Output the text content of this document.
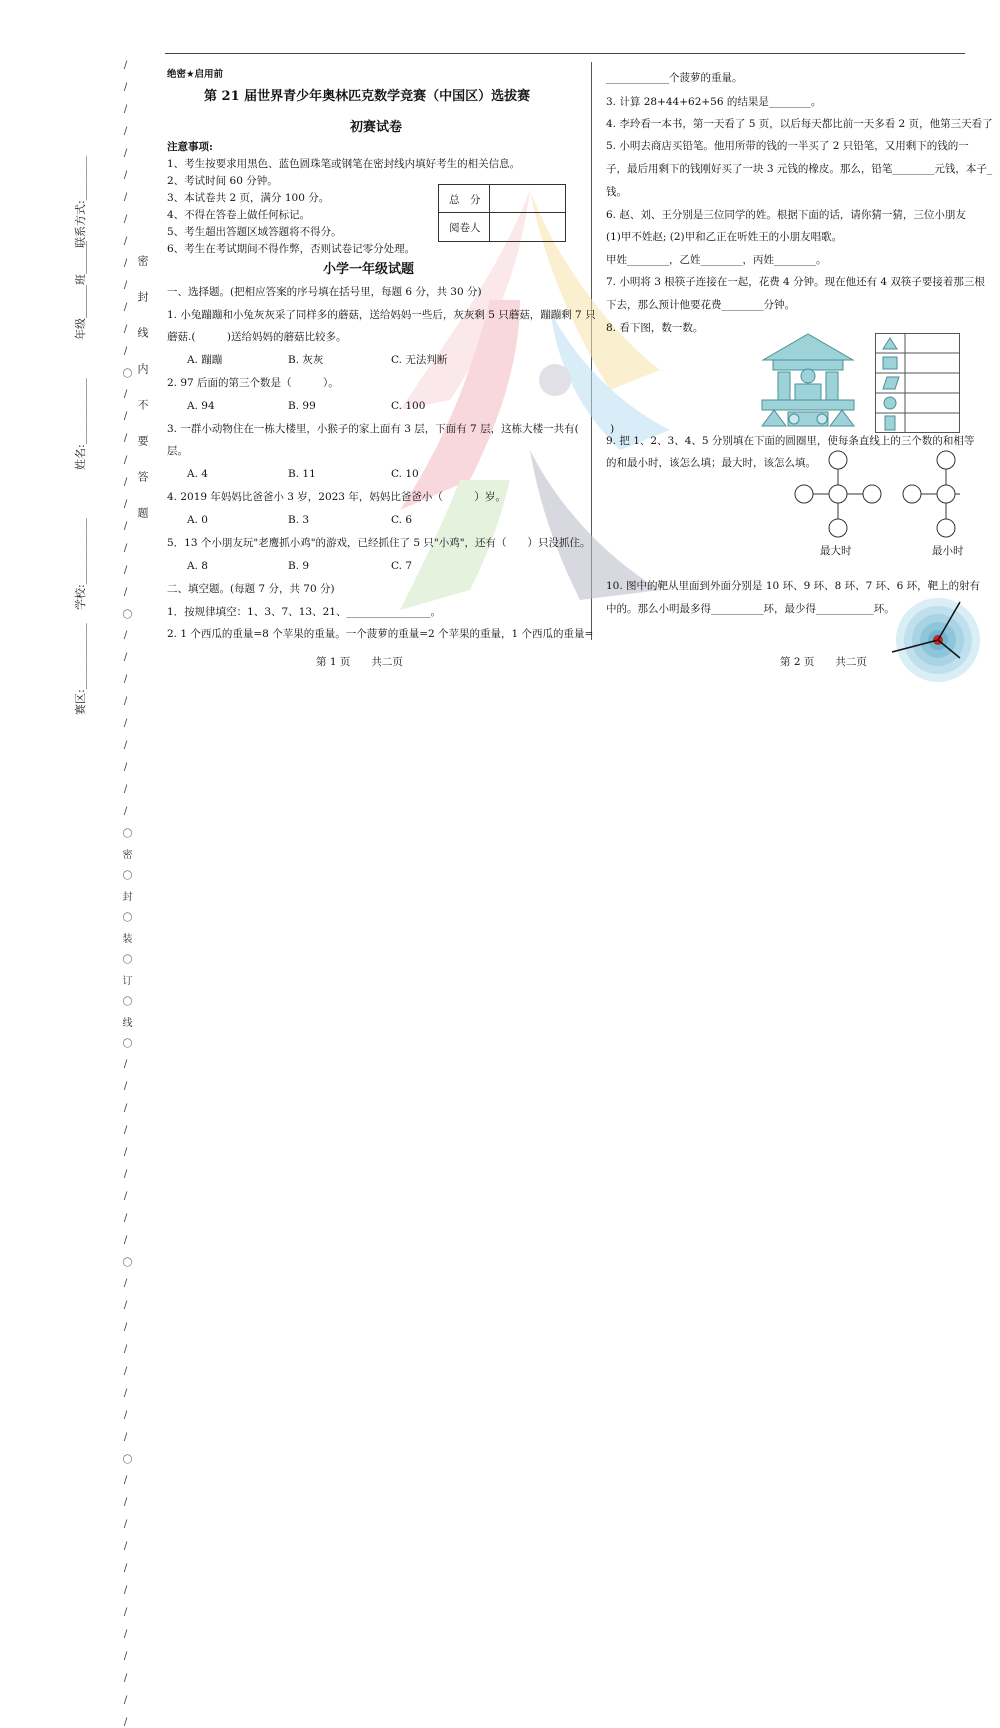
/ / / / / / / / / / / / / / 〇 / / / / / / / / / / 〇 / / / / / / / / / 〇 密 〇 封 〇 装 〇 订 〇 线 〇 / / / / / / / / / 〇 / / / / / / / / 〇 / / / / / / / / / / / /
联系方式:________
年级______班______
姓名:____________
学校:____________
赛区:____________
密 封 线 内 不 要 答 题
绝密★启用前
第 21 届世界青少年奥林匹克数学竞赛（中国区）选拔赛
初赛试卷
注意事项:
1、考生按要求用黑色、蓝色圆珠笔或钢笔在密封线内填好考生的相关信息。
2、考试时间 60 分钟。
3、本试卷共 2 页，满分 100 分。
4、不得在答卷上做任何标记。
5、考生超出答题区域答题将不得分。
6、考生在考试期间不得作弊，否则试卷记零分处理。
总　分
阅卷人
小学一年级试题
一、选择题。(把相应答案的序号填在括号里，每题 6 分，共 30 分)
1. 小兔蹦蹦和小兔灰灰采了同样多的蘑菇，送给妈妈一些后，灰灰剩 5 只蘑菇，蹦蹦剩 7 只
蘑菇.(　　　)送给妈妈的蘑菇比较多。
A. 蹦蹦	B. 灰灰	C. 无法判断
2. 97 后面的第三个数是（　　　）。
A. 94	B. 99	C. 100
3. 一群小动物住在一栋大楼里，小猴子的家上面有 3 层，下面有 7 层，这栋大楼一共有(　　　)
层。
A. 4	B. 11	C. 10
4. 2019 年妈妈比爸爸小 3 岁，2023 年，妈妈比爸爸小（　　　）岁。
A. 0	B. 3	C. 6
5．13 个小朋友玩"老鹰抓小鸡"的游戏，已经抓住了 5 只"小鸡"，还有（　　）只没抓住。
A. 8	B. 9	C. 7
二、填空题。(每题 7 分，共 70 分)
1．按规律填空：1、3、7、13、21、________________。
2. 1 个西瓜的重量=8 个苹果的重量。一个菠萝的重量=2 个苹果的重量，1 个西瓜的重量=
第 1 页　　共二页
____________个菠萝的重量。
3. 计算 28+44+62+56 的结果是________。
4. 李玲看一本书，第一天看了 5 页，以后每天都比前一天多看 2 页，他第三天看了
5. 小明去商店买铅笔。他用所带的钱的一半买了 2 只铅笔，又用剩下的钱的一
子，最后用剩下的钱刚好买了一块 3 元钱的橡皮。那么，铅笔________元钱，本子_
钱。
6. 赵、刘、王分别是三位同学的姓。根据下面的话，请你猜一猜，三位小朋友
(1)甲不姓赵; (2)甲和乙正在听姓王的小朋友唱歌。
甲姓________，乙姓________，丙姓________。
7. 小明将 3 根筷子连接在一起，花费 4 分钟。现在他还有 4 双筷子要接着那三根
下去，那么预计他要花费________分钟。
8. 看下图，数一数。
9. 把 1、2、3、4、5 分别填在下面的圆圈里，使每条直线上的三个数的和相等
的和最小时，该怎么填；最大时，该怎么填。
最大时	最小时
10. 图中的靶从里面到外面分别是 10 环、9 环、8 环、7 环、6 环，靶上的射有
中的。那么小明最多得__________环，最少得___________环。
第 2 页　　共二页
